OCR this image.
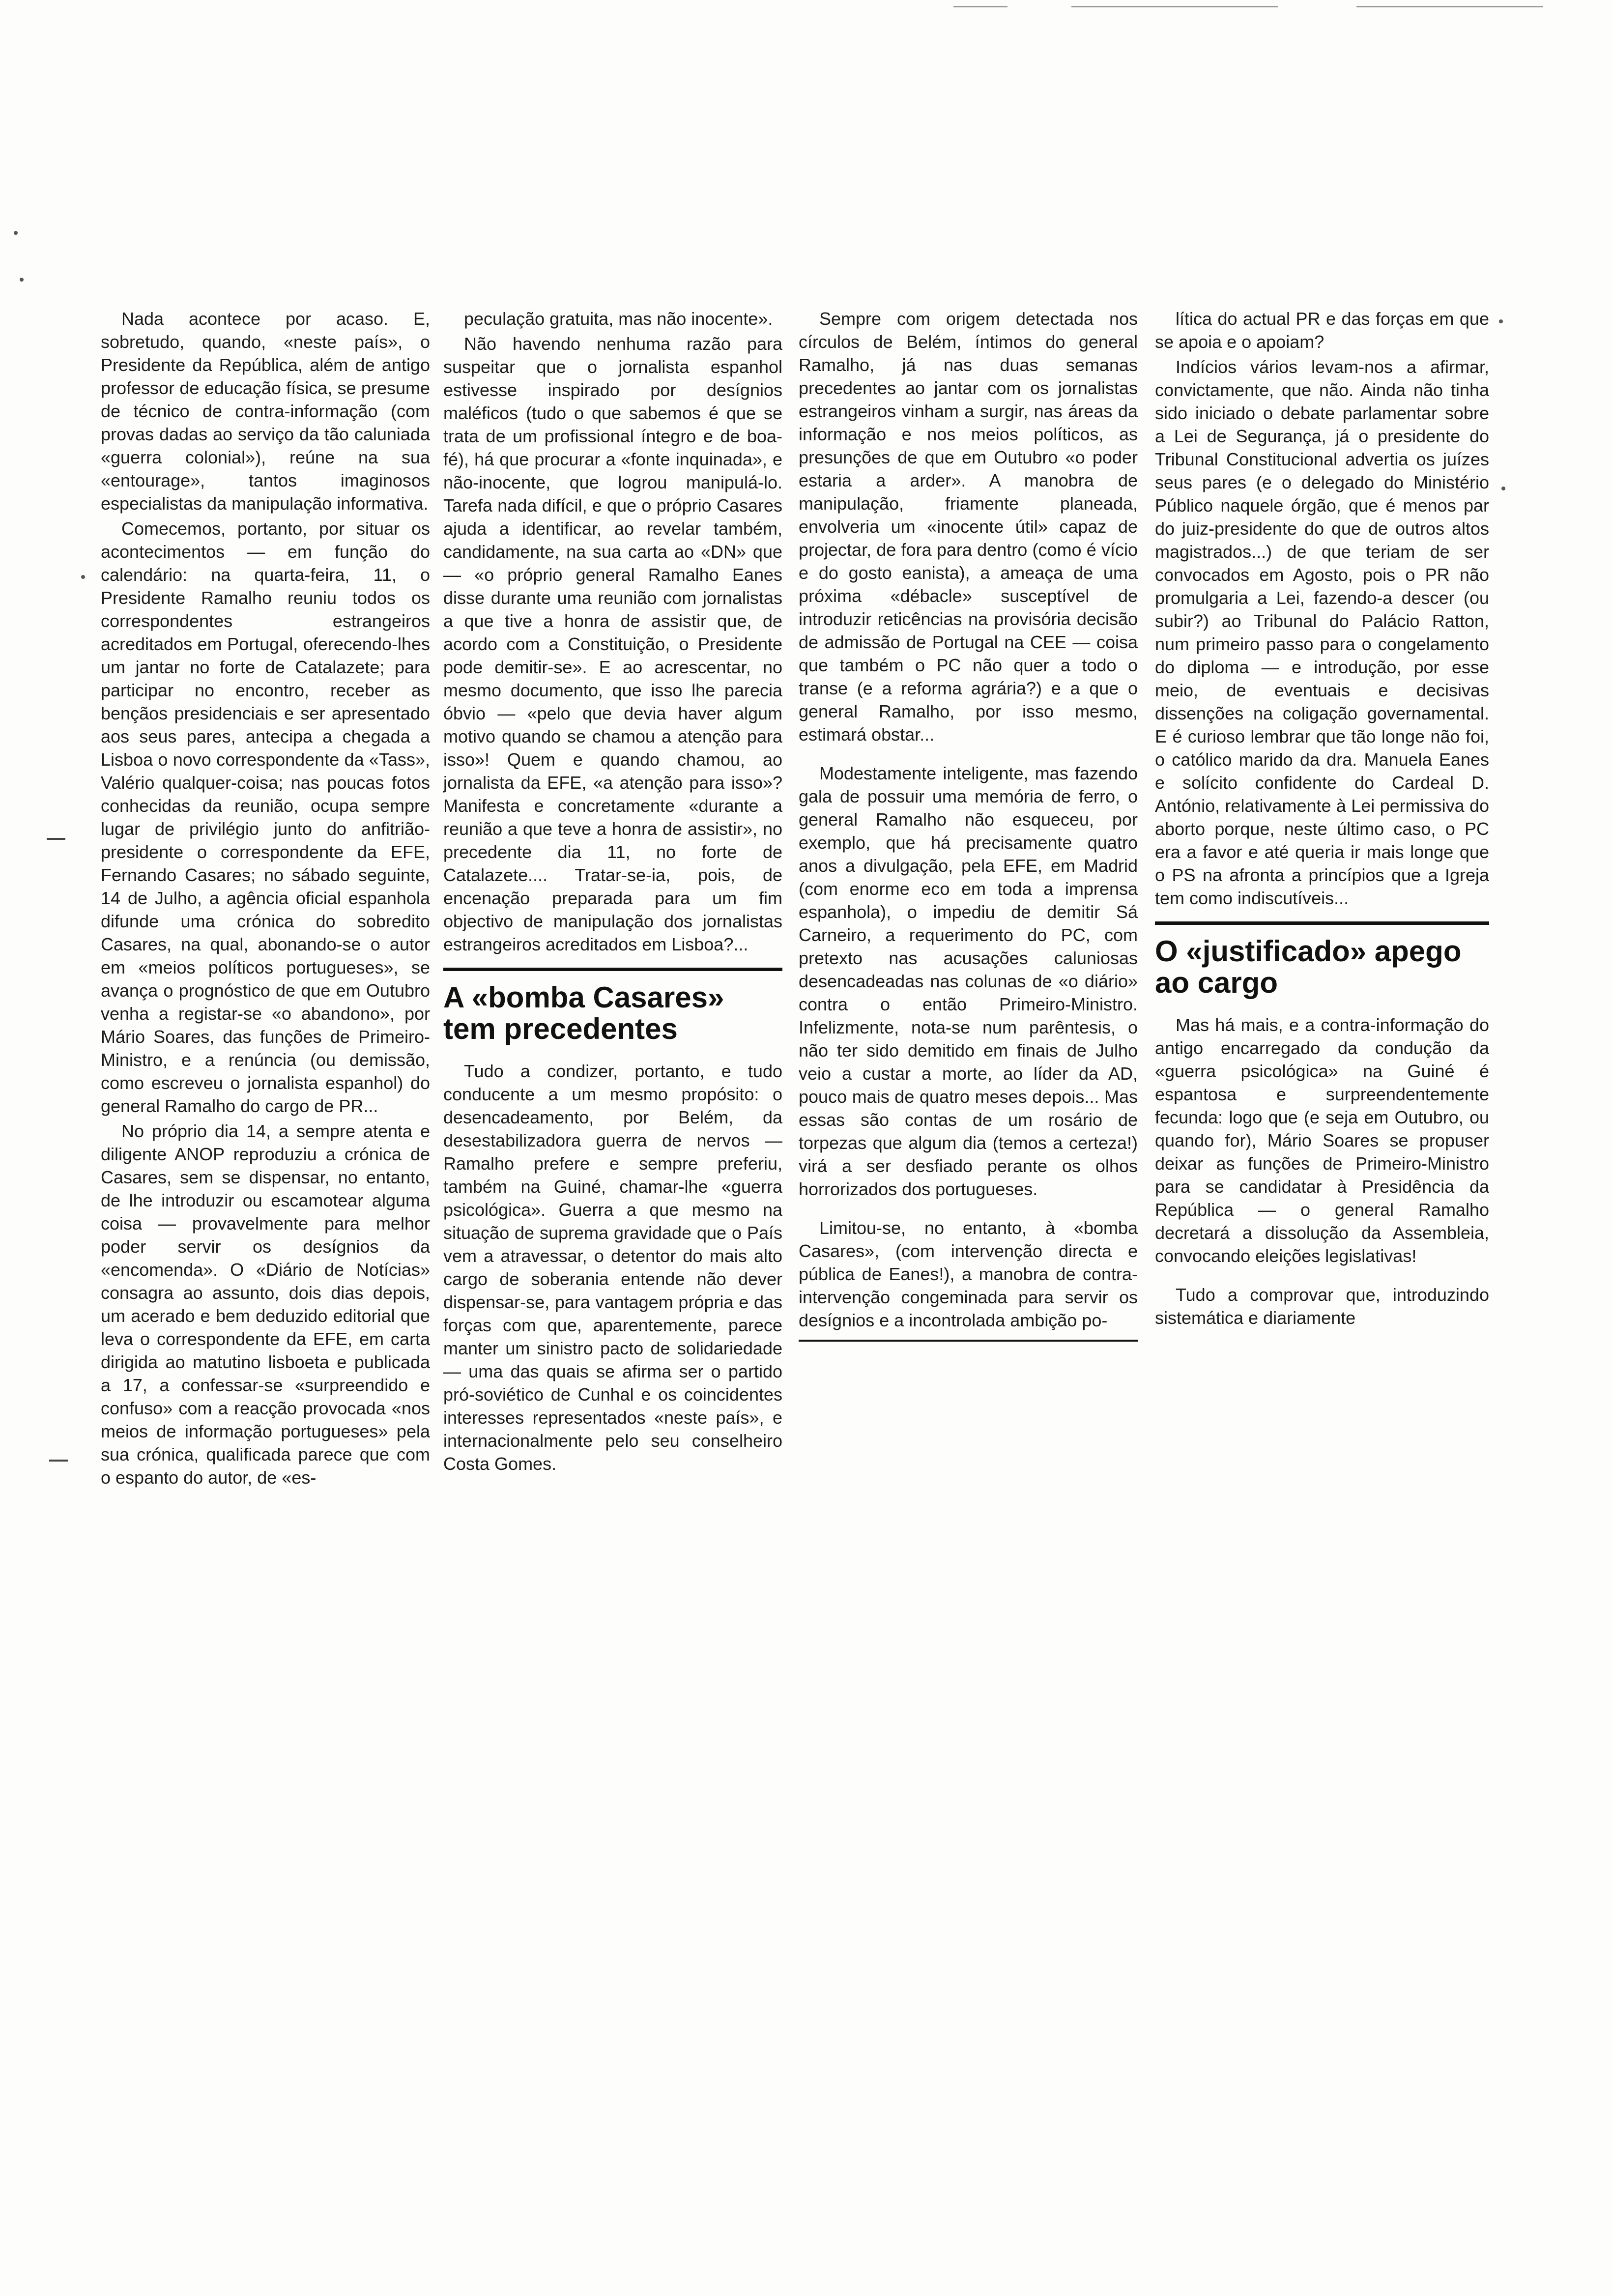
Nada acontece por acaso. E, sobretudo, quando, «neste país», o Presidente da República, além de antigo professor de educação física, se presume de técnico de contra-informação (com provas dadas ao serviço da tão caluniada «guerra colonial»), reúne na sua «entourage», tantos imaginosos especialistas da manipulação informativa.

Comecemos, portanto, por situar os acontecimentos — em função do calendário: na quarta-feira, 11, o Presidente Ramalho reuniu todos os correspondentes estrangeiros acreditados em Portugal, oferecendo-lhes um jantar no forte de Catalazete; para participar no encontro, receber as bençãos presidenciais e ser apresentado aos seus pares, antecipa a chegada a Lisboa o novo correspondente da «Tass», Valério qualquer-coisa; nas poucas fotos conhecidas da reunião, ocupa sempre lugar de privilégio junto do anfitrião-presidente o correspondente da EFE, Fernando Casares; no sábado seguinte, 14 de Julho, a agência oficial espanhola difunde uma crónica do sobredito Casares, na qual, abonando-se o autor em «meios políticos portugueses», se avança o prognóstico de que em Outubro venha a registar-se «o abandono», por Mário Soares, das funções de Primeiro-Ministro, e a renúncia (ou demissão, como escreveu o jornalista espanhol) do general Ramalho do cargo de PR...

No próprio dia 14, a sempre atenta e diligente ANOP reproduziu a crónica de Casares, sem se dispensar, no entanto, de lhe introduzir ou escamotear alguma coisa — provavelmente para melhor poder servir os desígnios da «encomenda». O «Diário de Notícias» consagra ao assunto, dois dias depois, um acerado e bem deduzido editorial que leva o correspondente da EFE, em carta dirigida ao matutino lisboeta e publicada a 17, a confessar-se «surpreendido e confuso» com a reacção provocada «nos meios de informação portugueses» pela sua crónica, qualificada parece que com o espanto do autor, de «es-

peculação gratuita, mas não inocente».

Não havendo nenhuma razão para suspeitar que o jornalista espanhol estivesse inspirado por desígnios maléficos (tudo o que sabemos é que se trata de um profissional íntegro e de boa-fé), há que procurar a «fonte inquinada», e não-inocente, que logrou manipulá-lo. Tarefa nada difícil, e que o próprio Casares ajuda a identificar, ao revelar também, candidamente, na sua carta ao «DN» que — «o próprio general Ramalho Eanes disse durante uma reunião com jornalistas a que tive a honra de assistir que, de acordo com a Constituição, o Presidente pode demitir-se». E ao acrescentar, no mesmo documento, que isso lhe parecia óbvio — «pelo que devia haver algum motivo quando se chamou a atenção para isso»! Quem e quando chamou, ao jornalista da EFE, «a atenção para isso»? Manifesta e concretamente «durante a reunião a que teve a honra de assistir», no precedente dia 11, no forte de Catalazete.... Tratar-se-ia, pois, de encenação preparada para um fim objectivo de manipulação dos jornalistas estrangeiros acreditados em Lisboa?...

A «bomba Casares» tem precedentes

Tudo a condizer, portanto, e tudo conducente a um mesmo propósito: o desencadeamento, por Belém, da desestabilizadora guerra de nervos — Ramalho prefere e sempre preferiu, também na Guiné, chamar-lhe «guerra psicológica». Guerra a que mesmo na situação de suprema gravidade que o País vem a atravessar, o detentor do mais alto cargo de soberania entende não dever dispensar-se, para vantagem própria e das forças com que, aparentemente, parece manter um sinistro pacto de solidariedade — uma das quais se afirma ser o partido pró-soviético de Cunhal e os coincidentes interesses representados «neste país», e internacionalmente pelo seu conselheiro Costa Gomes.

Sempre com origem detectada nos círculos de Belém, íntimos do general Ramalho, já nas duas semanas precedentes ao jantar com os jornalistas estrangeiros vinham a surgir, nas áreas da informação e nos meios políticos, as presunções de que em Outubro «o poder estaria a arder». A manobra de manipulação, friamente planeada, envolveria um «inocente útil» capaz de projectar, de fora para dentro (como é vício e do gosto eanista), a ameaça de uma próxima «débacle» susceptível de introduzir reticências na provisória decisão de admissão de Portugal na CEE — coisa que também o PC não quer a todo o transe (e a reforma agrária?) e a que o general Ramalho, por isso mesmo, estimará obstar...

Modestamente inteligente, mas fazendo gala de possuir uma memória de ferro, o general Ramalho não esqueceu, por exemplo, que há precisamente quatro anos a divulgação, pela EFE, em Madrid (com enorme eco em toda a imprensa espanhola), o impediu de demitir Sá Carneiro, a requerimento do PC, com pretexto nas acusações caluniosas desencadeadas nas colunas de «o diário» contra o então Primeiro-Ministro. Infelizmente, nota-se num parêntesis, o não ter sido demitido em finais de Julho veio a custar a morte, ao líder da AD, pouco mais de quatro meses depois... Mas essas são contas de um rosário de torpezas que algum dia (temos a certeza!) virá a ser desfiado perante os olhos horrorizados dos portugueses.

Limitou-se, no entanto, à «bomba Casares», (com intervenção directa e pública de Eanes!), a manobra de contra-intervenção congeminada para servir os desígnios e a incontrolada ambição po-

lítica do actual PR e das forças em que se apoia e o apoiam?

Indícios vários levam-nos a afirmar, convictamente, que não. Ainda não tinha sido iniciado o debate parlamentar sobre a Lei de Segurança, já o presidente do Tribunal Constitucional advertia os juízes seus pares (e o delegado do Ministério Público naquele órgão, que é menos par do juiz-presidente do que de outros altos magistrados...) de que teriam de ser convocados em Agosto, pois o PR não promulgaria a Lei, fazendo-a descer (ou subir?) ao Tribunal do Palácio Ratton, num primeiro passo para o congelamento do diploma — e introdução, por esse meio, de eventuais e decisivas dissenções na coligação governamental. E é curioso lembrar que tão longe não foi, o católico marido da dra. Manuela Eanes e solícito confidente do Cardeal D. António, relativamente à Lei permissiva do aborto porque, neste último caso, o PC era a favor e até queria ir mais longe que o PS na afronta a princípios que a Igreja tem como indiscutíveis...

O «justificado» apego ao cargo

Mas há mais, e a contra-informação do antigo encarregado da condução da «guerra psicológica» na Guiné é espantosa e surpreendentemente fecunda: logo que (e seja em Outubro, ou quando for), Mário Soares se propuser deixar as funções de Primeiro-Ministro para se candidatar à Presidência da República — o general Ramalho decretará a dissolução da Assembleia, convocando eleições legislativas!

Tudo a comprovar que, introduzindo sistemática e diariamente
